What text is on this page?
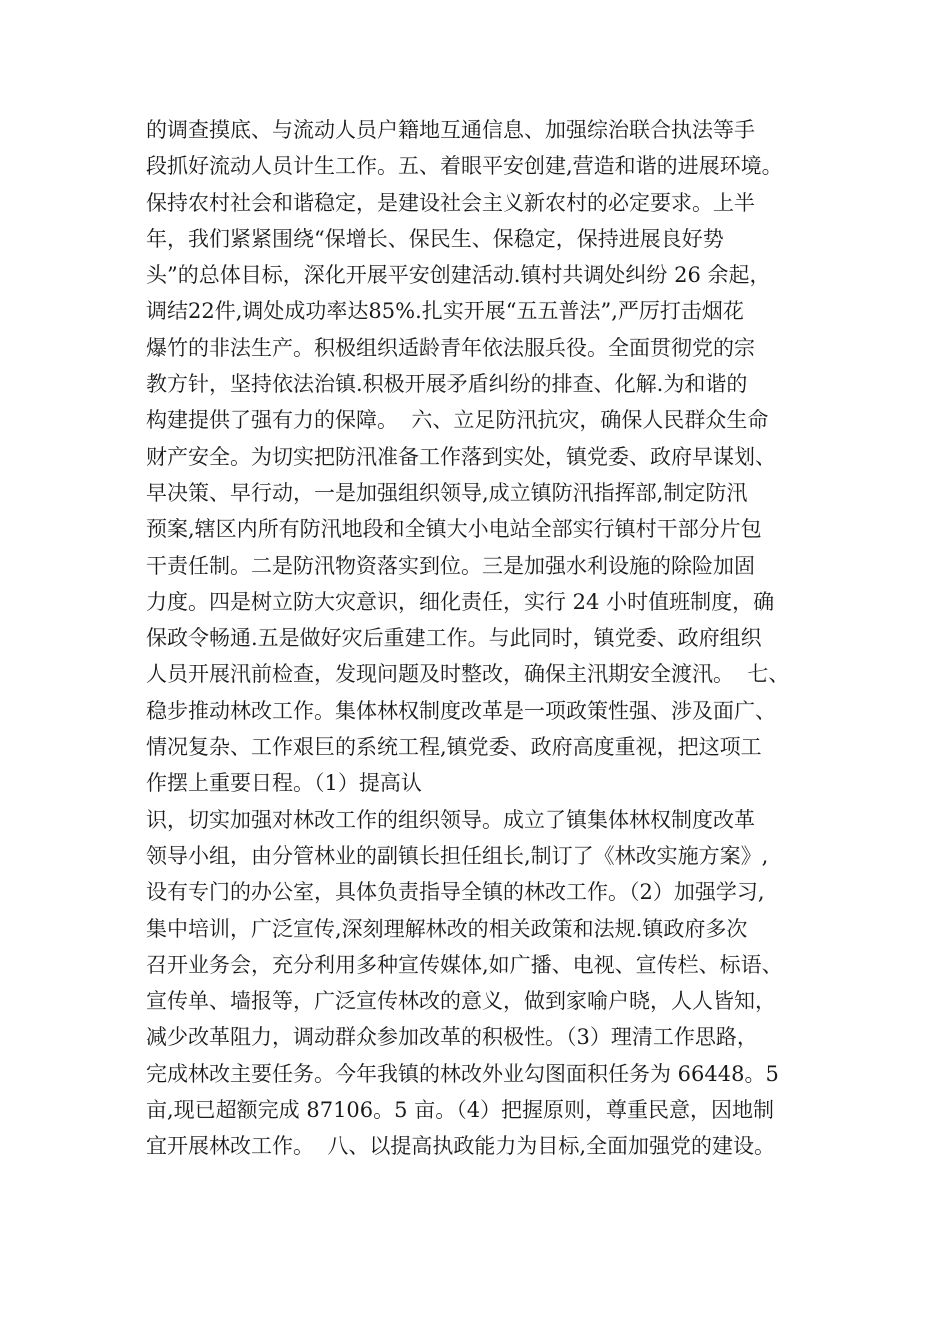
的调查摸底、与流动人员户籍地互通信息、加强综治联合执法等手
段抓好流动人员计生工作。五、着眼平安创建,营造和谐的进展环境。
保持农村社会和谐稳定，是建设社会主义新农村的必定要求。上半
年，我们紧紧围绕“保增长、保民生、保稳定，保持进展良好势
头”的总体目标，深化开展平安创建活动.镇村共调处纠纷 26 余起，
调结22件,调处成功率达85%.扎实开展“五五普法”,严厉打击烟花
爆竹的非法生产。积极组织适龄青年依法服兵役。全面贯彻党的宗
教方针，坚持依法治镇.积极开展矛盾纠纷的排查、化解.为和谐的
构建提供了强有力的保障。  六、立足防汛抗灾，确保人民群众生命
财产安全。为切实把防汛准备工作落到实处，镇党委、政府早谋划、
早决策、早行动，一是加强组织领导,成立镇防汛指挥部,制定防汛
预案,辖区内所有防汛地段和全镇大小电站全部实行镇村干部分片包
干责任制。二是防汛物资落实到位。三是加强水利设施的除险加固
力度。四是树立防大灾意识，细化责任，实行 24 小时值班制度，确
保政令畅通.五是做好灾后重建工作。与此同时，镇党委、政府组织
人员开展汛前检查，发现问题及时整改，确保主汛期安全渡汛。  七、
稳步推动林改工作。集体林权制度改革是一项政策性强、涉及面广、
情况复杂、工作艰巨的系统工程,镇党委、政府高度重视，把这项工
作摆上重要日程。（1）提高认
识，切实加强对林改工作的组织领导。成立了镇集体林权制度改革
领导小组，由分管林业的副镇长担任组长,制订了《林改实施方案》,
设有专门的办公室，具体负责指导全镇的林改工作。（2）加强学习,
集中培训，广泛宣传,深刻理解林改的相关政策和法规.镇政府多次
召开业务会，充分利用多种宣传媒体,如广播、电视、宣传栏、标语、
宣传单、墙报等，广泛宣传林改的意义，做到家喻户晓，人人皆知，
减少改革阻力，调动群众参加改革的积极性。（3）理清工作思路，
完成林改主要任务。今年我镇的林改外业勾图面积任务为 66448。5
亩,现已超额完成 87106。5 亩。（4）把握原则，尊重民意，因地制
宜开展林改工作。  八、以提高执政能力为目标,全面加强党的建设。
